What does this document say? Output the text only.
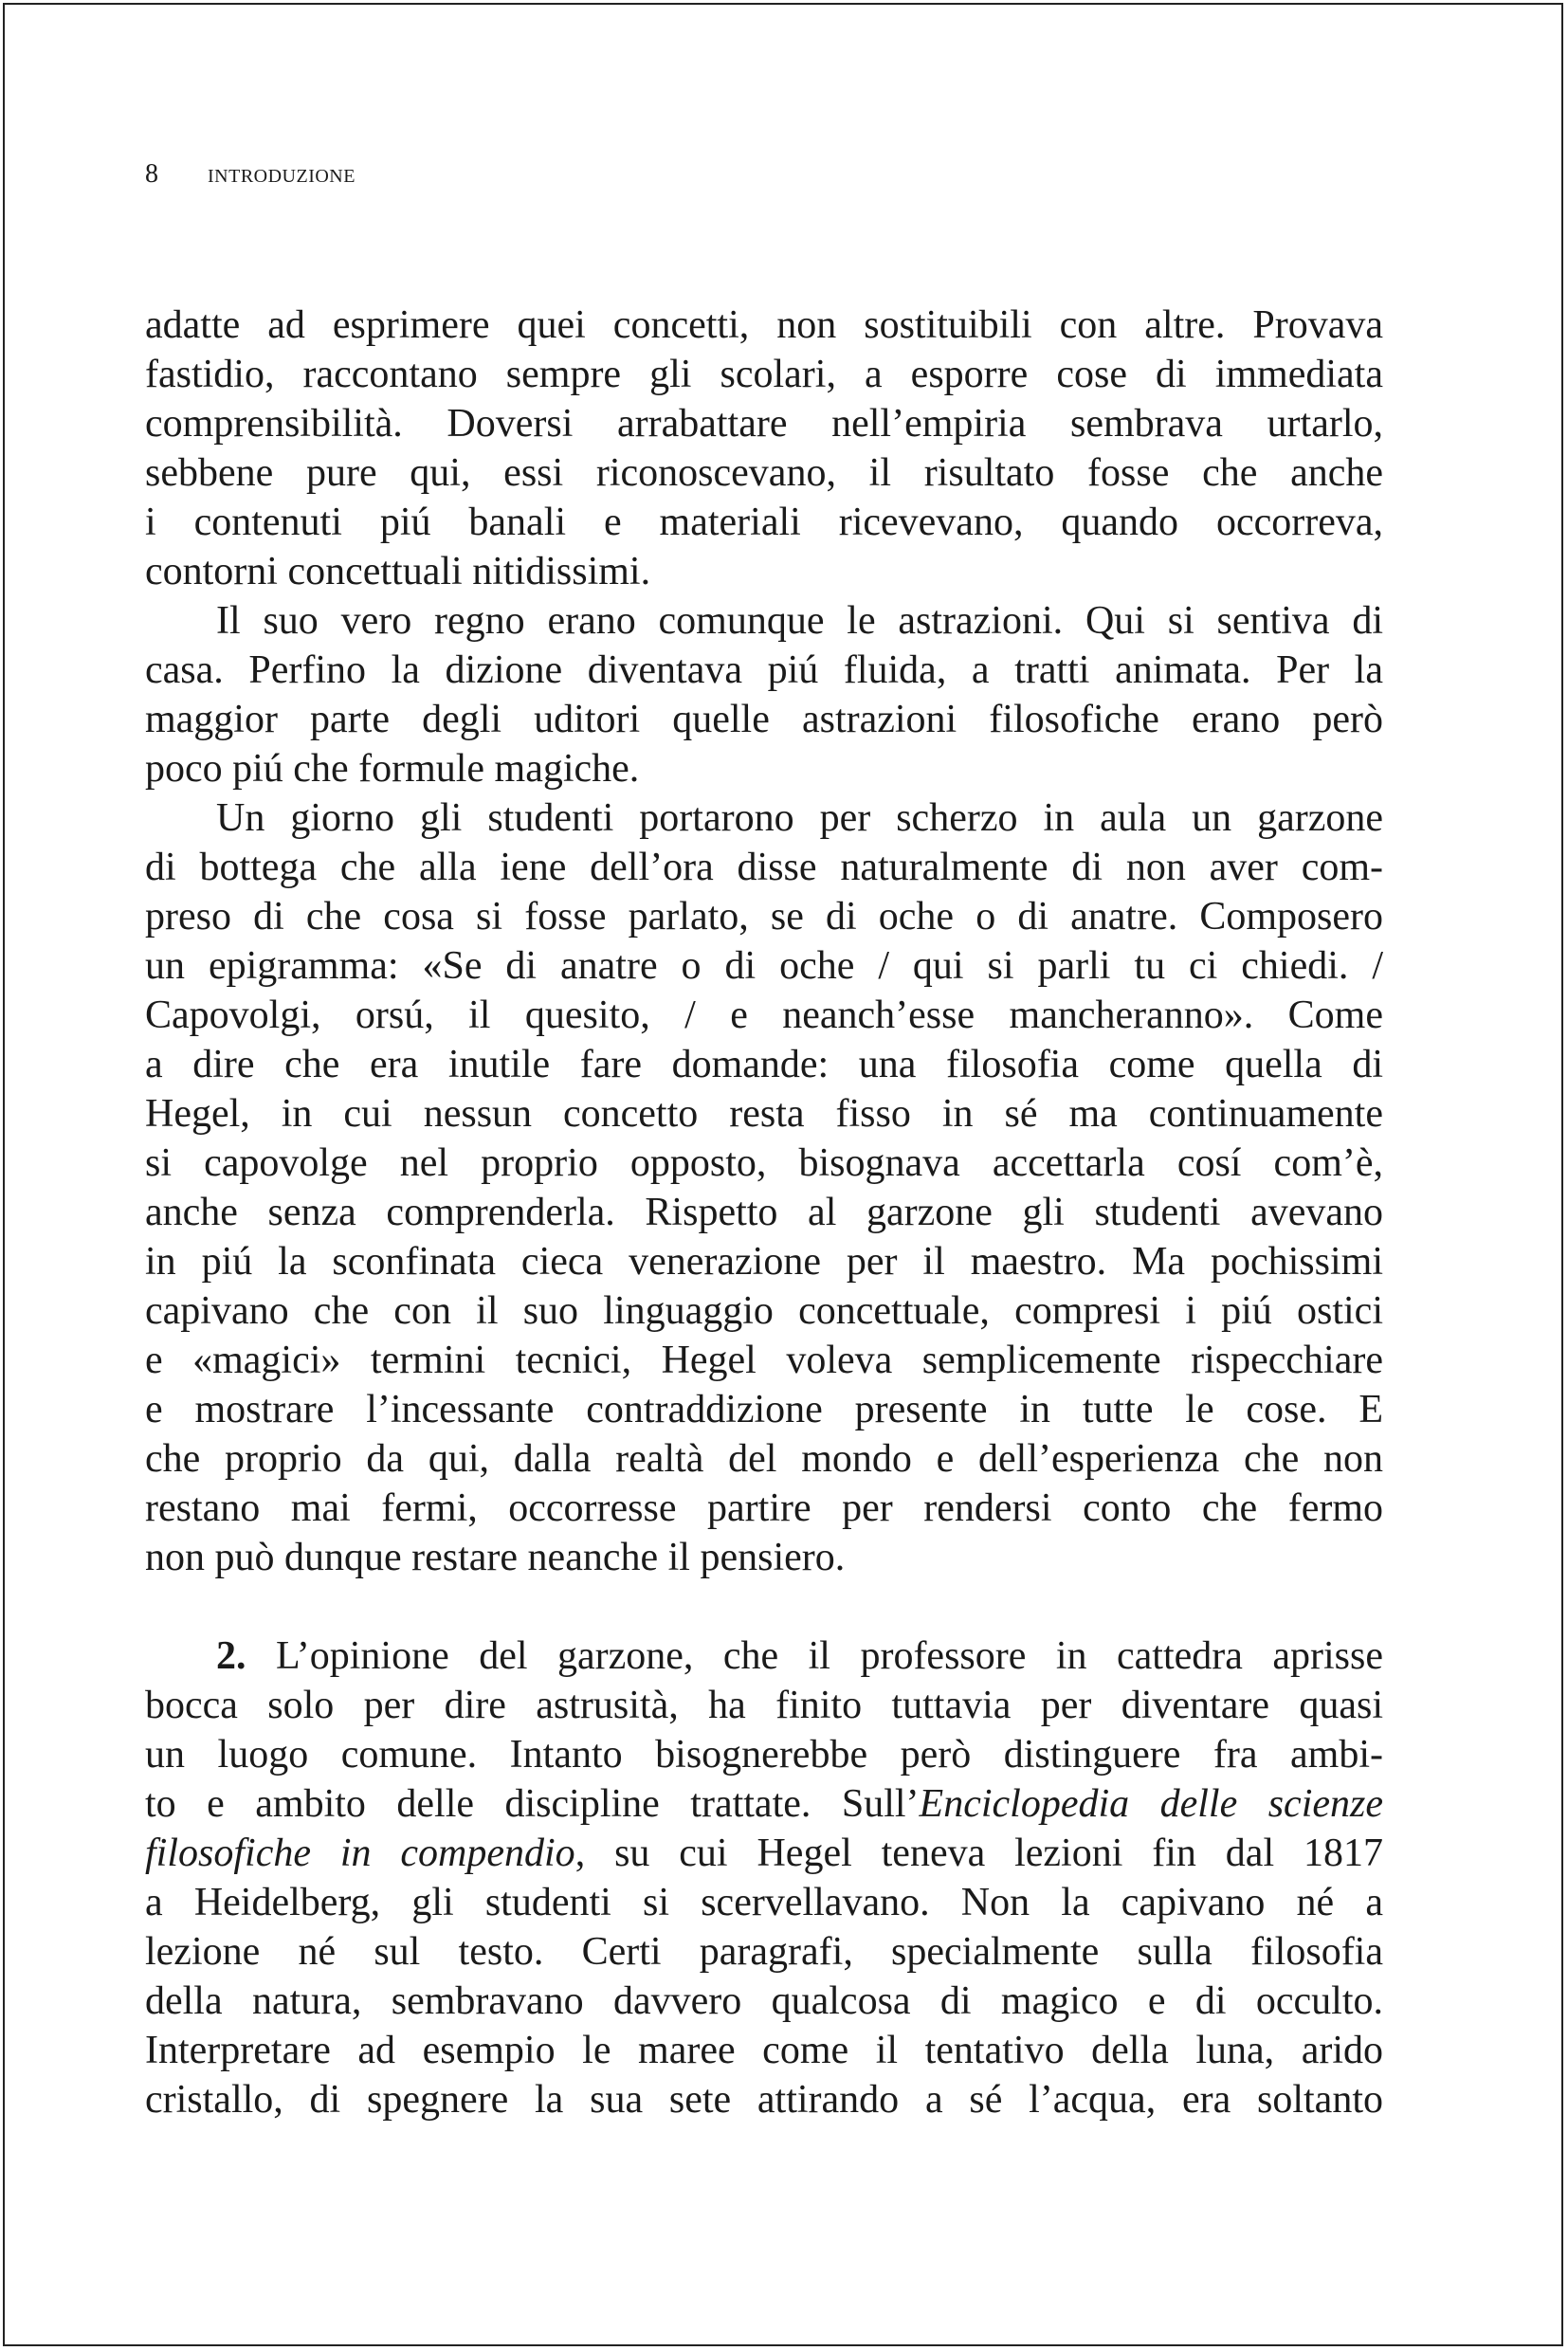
8 introduzione
adatte ad esprimere quei concetti, non sostituibili con altre. Provava
fastidio, raccontano sempre gli scolari, a esporre cose di immediata
comprensibilità. Doversi arrabattare nell’empiria sembrava urtarlo,
sebbene pure qui, essi riconoscevano, il risultato fosse che anche
i contenuti piú banali e materiali ricevevano, quando occorreva,
contorni concettuali nitidissimi.
Il suo vero regno erano comunque le astrazioni. Qui si sentiva di
casa. Perfino la dizione diventava piú fluida, a tratti animata. Per la
maggior parte degli uditori quelle astrazioni filosofiche erano però
poco piú che formule magiche.
Un giorno gli studenti portarono per scherzo in aula un garzone
di bottega che alla iene dell’ora disse naturalmente di non aver com-
preso di che cosa si fosse parlato, se di oche o di anatre. Composero
un epigramma: «Se di anatre o di oche / qui si parli tu ci chiedi. /
Capovolgi, orsú, il quesito, / e neanch’esse mancheranno». Come
a dire che era inutile fare domande: una filosofia come quella di
Hegel, in cui nessun concetto resta fisso in sé ma continuamente
si capovolge nel proprio opposto, bisognava accettarla cosí com’è,
anche senza comprenderla. Rispetto al garzone gli studenti avevano
in piú la sconfinata cieca venerazione per il maestro. Ma pochissimi
capivano che con il suo linguaggio concettuale, compresi i piú ostici
e «magici» termini tecnici, Hegel voleva semplicemente rispecchiare
e mostrare l’incessante contraddizione presente in tutte le cose. E
che proprio da qui, dalla realtà del mondo e dell’esperienza che non
restano mai fermi, occorresse partire per rendersi conto che fermo
non può dunque restare neanche il pensiero.
2. L’opinione del garzone, che il professore in cattedra aprisse
bocca solo per dire astrusità, ha finito tuttavia per diventare quasi
un luogo comune. Intanto bisognerebbe però distinguere fra ambi-
to e ambito delle discipline trattate. Sull’Enciclopedia delle scienze
filosofiche in compendio, su cui Hegel teneva lezioni fin dal 1817
a Heidelberg, gli studenti si scervellavano. Non la capivano né a
lezione né sul testo. Certi paragrafi, specialmente sulla filosofia
della natura, sembravano davvero qualcosa di magico e di occulto.
Interpretare ad esempio le maree come il tentativo della luna, arido
cristallo, di spegnere la sua sete attirando a sé l’acqua, era soltanto
